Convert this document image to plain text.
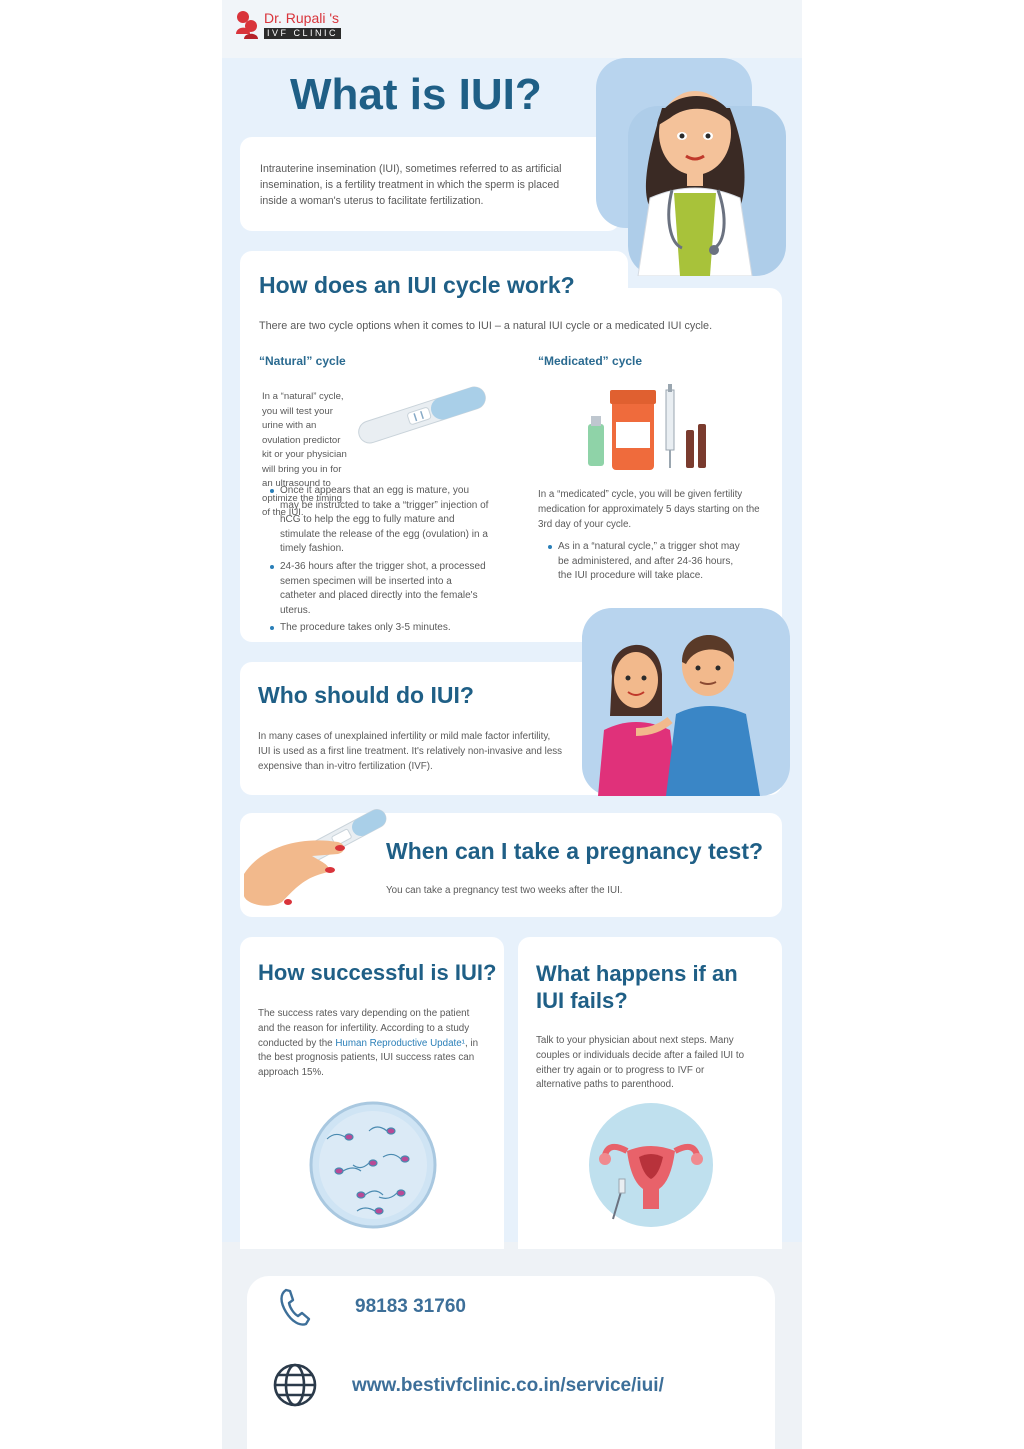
Dr. Rupali 's
IVF CLINIC
What is IUI?

Intrauterine insemination (IUI), sometimes referred to as artificial insemination, is a fertility treatment in which the sperm is placed inside a woman's uterus to facilitate fertilization.

How does an IUI cycle work?

There are two cycle options when it comes to IUI – a natural IUI cycle or a medicated IUI cycle.

“Natural” cycle

In a “natural” cycle, you will test your urine with an ovulation predictor kit or your physician will bring you in for an ultrasound to optimize the timing of the IUI.

Once it appears that an egg is mature, you may be instructed to take a “trigger” injection of hCG to help the egg to fully mature and stimulate the release of the egg (ovulation) in a timely fashion.
24-36 hours after the trigger shot, a processed semen specimen will be inserted into a catheter and placed directly into the female's uterus.
The procedure takes only 3-5 minutes.
“Medicated” cycle

In a “medicated” cycle, you will be given fertility medication for approximately 5 days starting on the 3rd day of your cycle.

As in a “natural cycle,” a trigger shot may be administered, and after 24-36 hours, the IUI procedure will take place.
Who should do IUI?

In many cases of unexplained infertility or mild male factor infertility, IUI is used as a first line treatment. It's relatively non-invasive and less expensive than in-vitro fertilization (IVF).

When can I take a pregnancy test?

You can take a pregnancy test two weeks after the IUI.

How successful is IUI?

The success rates vary depending on the patient and the reason for infertility. According to a study conducted by the Human Reproductive Update¹, in the best prognosis patients, IUI success rates can approach 15%.

What happens if an IUI fails?

Talk to your physician about next steps. Many couples or individuals decide after a failed IUI to either try again or to progress to IVF or alternative paths to parenthood.

98183 31760
www.bestivfclinic.co.in/service/iui/
